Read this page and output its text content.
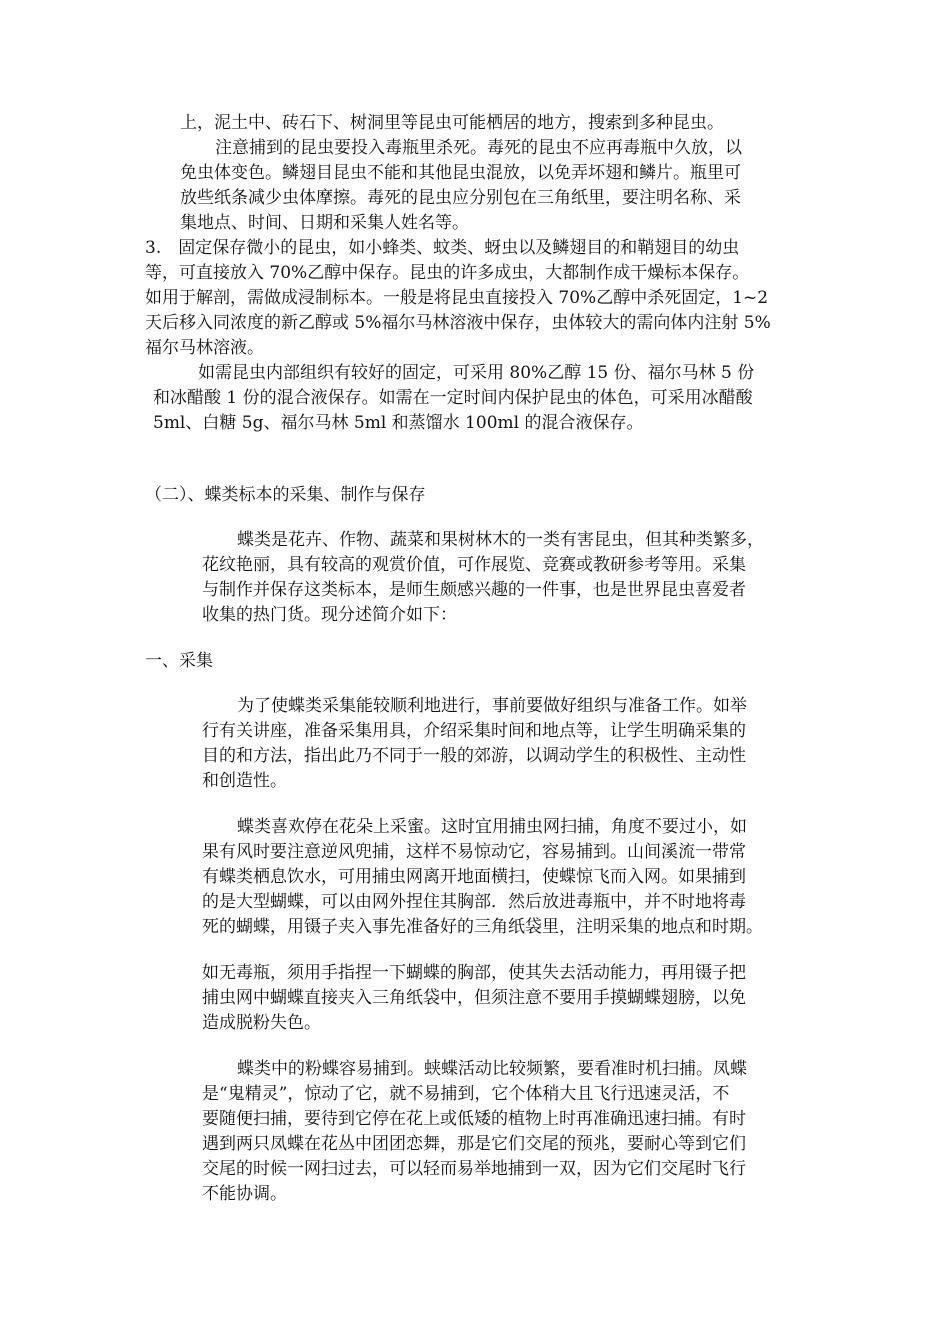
上，泥土中、砖石下、树洞里等昆虫可能栖居的地方，搜索到多种昆虫。
注意捕到的昆虫要投入毒瓶里杀死。毒死的昆虫不应再毒瓶中久放，以
免虫体变色。鳞翅目昆虫不能和其他昆虫混放，以免弄坏翅和鳞片。瓶里可
放些纸条减少虫体摩擦。毒死的昆虫应分别包在三角纸里，要注明名称、采
集地点、时间、日期和采集人姓名等。
3.　固定保存微小的昆虫，如小蜂类、蚊类、蚜虫以及鳞翅目的和鞘翅目的幼虫
等，可直接放入 70%乙醇中保存。昆虫的许多成虫，大都制作成干燥标本保存。
如用于解剖，需做成浸制标本。一般是将昆虫直接投入 70%乙醇中杀死固定，1~2
天后移入同浓度的新乙醇或 5%福尔马林溶液中保存，虫体较大的需向体内注射 5%
福尔马林溶液。
如需昆虫内部组织有较好的固定，可采用 80%乙醇 15 份、福尔马林 5 份
和冰醋酸 1 份的混合液保存。如需在一定时间内保护昆虫的体色，可采用冰醋酸
5ml、白糖 5g、福尔马林 5ml 和蒸馏水 100ml 的混合液保存。
（二）、蝶类标本的采集、制作与保存
蝶类是花卉、作物、蔬菜和果树林木的一类有害昆虫，但其种类繁多，
花纹艳丽，具有较高的观赏价值，可作展览、竞赛或教研参考等用。采集
与制作并保存这类标本，是师生颇感兴趣的一件事，也是世界昆虫喜爱者
收集的热门货。现分述简介如下：
一、采集
为了使蝶类采集能较顺利地进行，事前要做好组织与准备工作。如举
行有关讲座，准备采集用具，介绍采集时间和地点等，让学生明确采集的
目的和方法，指出此乃不同于一般的郊游，以调动学生的积极性、主动性
和创造性。
蝶类喜欢停在花朵上采蜜。这时宜用捕虫网扫捕，角度不要过小，如
果有风时要注意逆风兜捕，这样不易惊动它，容易捕到。山间溪流一带常
有蝶类栖息饮水，可用捕虫网离开地面横扫，使蝶惊飞而入网。如果捕到
的是大型蝴蝶，可以由网外捏住其胸部．然后放进毒瓶中，并不时地将毒
死的蝴蝶，用镊子夹入事先准备好的三角纸袋里，注明采集的地点和时期。
如无毒瓶，须用手指捏一下蝴蝶的胸部，使其失去活动能力，再用镊子把
捕虫网中蝴蝶直接夹入三角纸袋中，但须注意不要用手摸蝴蝶翅膀，以免
造成脱粉失色。
蝶类中的粉蝶容易捕到。蛱蝶活动比较频繁，要看准时机扫捕。凤蝶
是“鬼精灵”，惊动了它，就不易捕到，它个体稍大且飞行迅速灵活，不
要随便扫捕，要待到它停在花上或低矮的植物上时再准确迅速扫捕。有时
遇到两只凤蝶在花丛中团团恋舞，那是它们交尾的预兆，要耐心等到它们
交尾的时候一网扫过去，可以轻而易举地捕到一双，因为它们交尾时飞行
不能协调。
